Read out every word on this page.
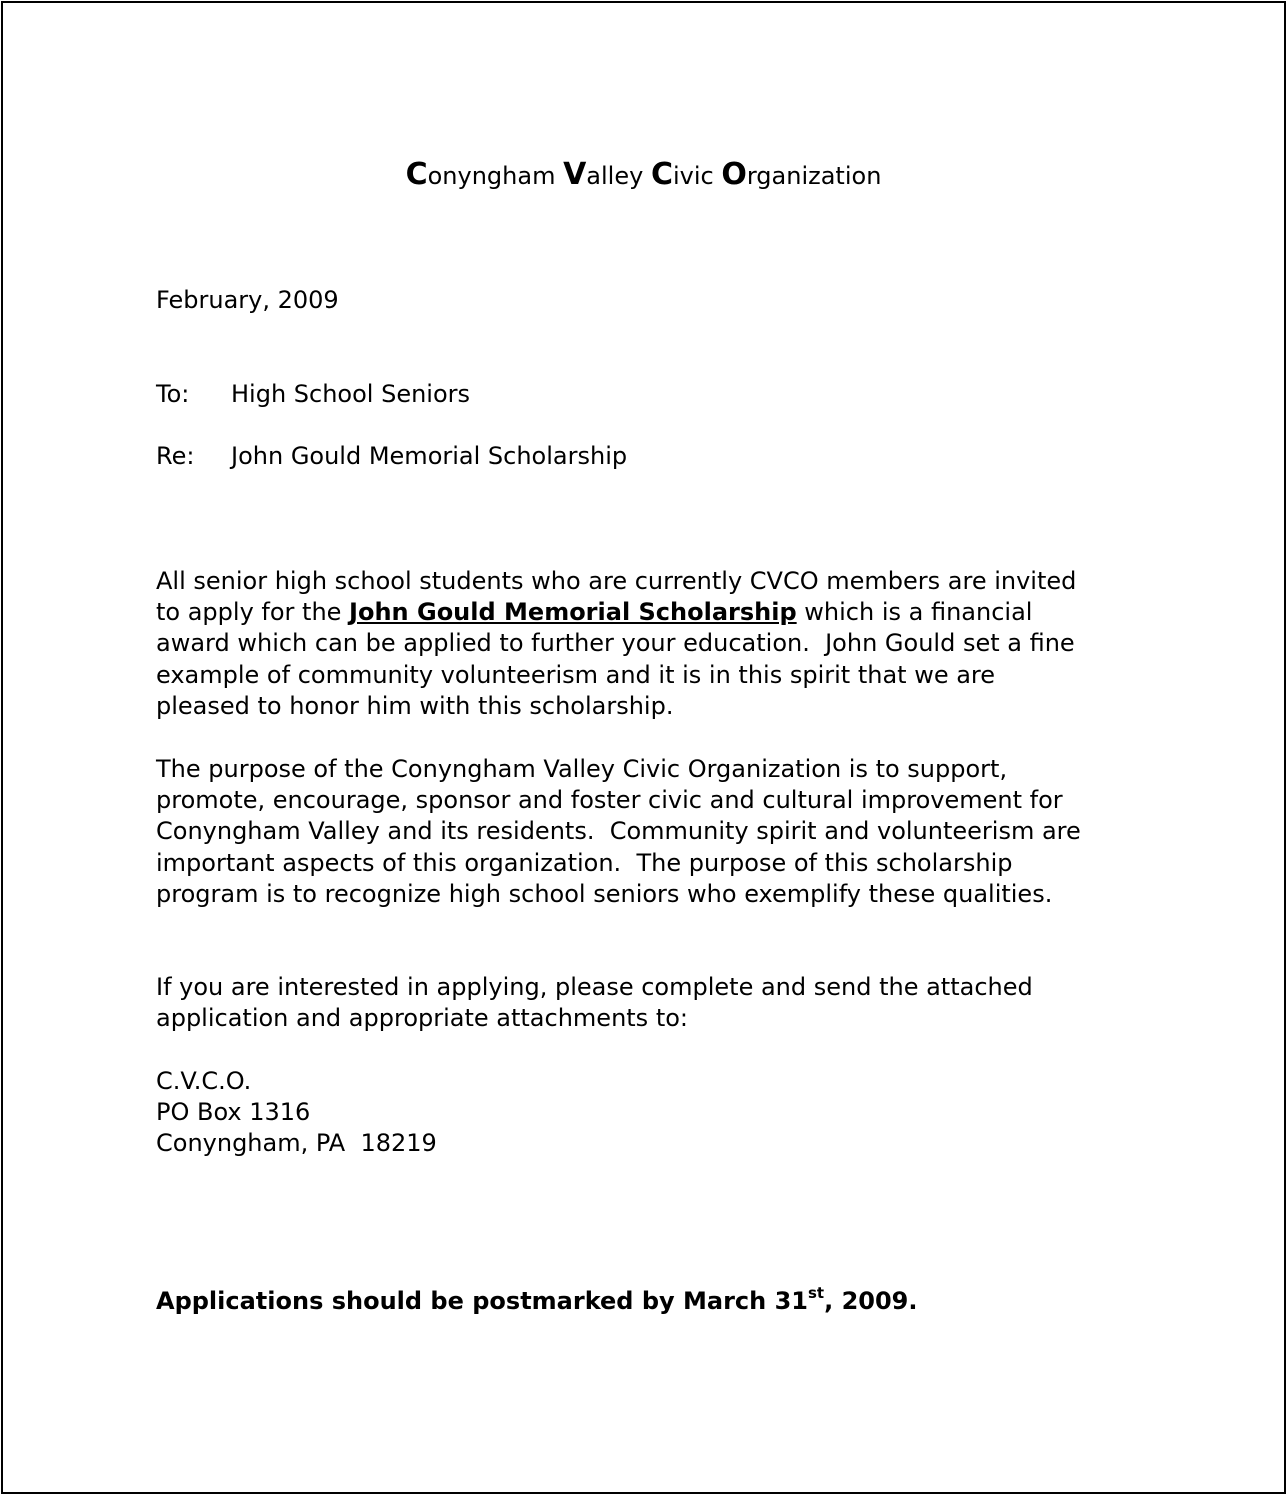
Conyngham Valley Civic Organization
February, 2009
To: High School Seniors
Re: John Gould Memorial Scholarship
All senior high school students who are currently CVCO members are invited
to apply for the John Gould Memorial Scholarship which is a financial
award which can be applied to further your education.  John Gould set a fine
example of community volunteerism and it is in this spirit that we are
pleased to honor him with this scholarship.
The purpose of the Conyngham Valley Civic Organization is to support,
promote, encourage, sponsor and foster civic and cultural improvement for
Conyngham Valley and its residents.  Community spirit and volunteerism are
important aspects of this organization.  The purpose of this scholarship
program is to recognize high school seniors who exemplify these qualities.
If you are interested in applying, please complete and send the attached
application and appropriate attachments to:
C.V.C.O.
PO Box 1316
Conyngham, PA  18219
Applications should be postmarked by March 31st, 2009.
